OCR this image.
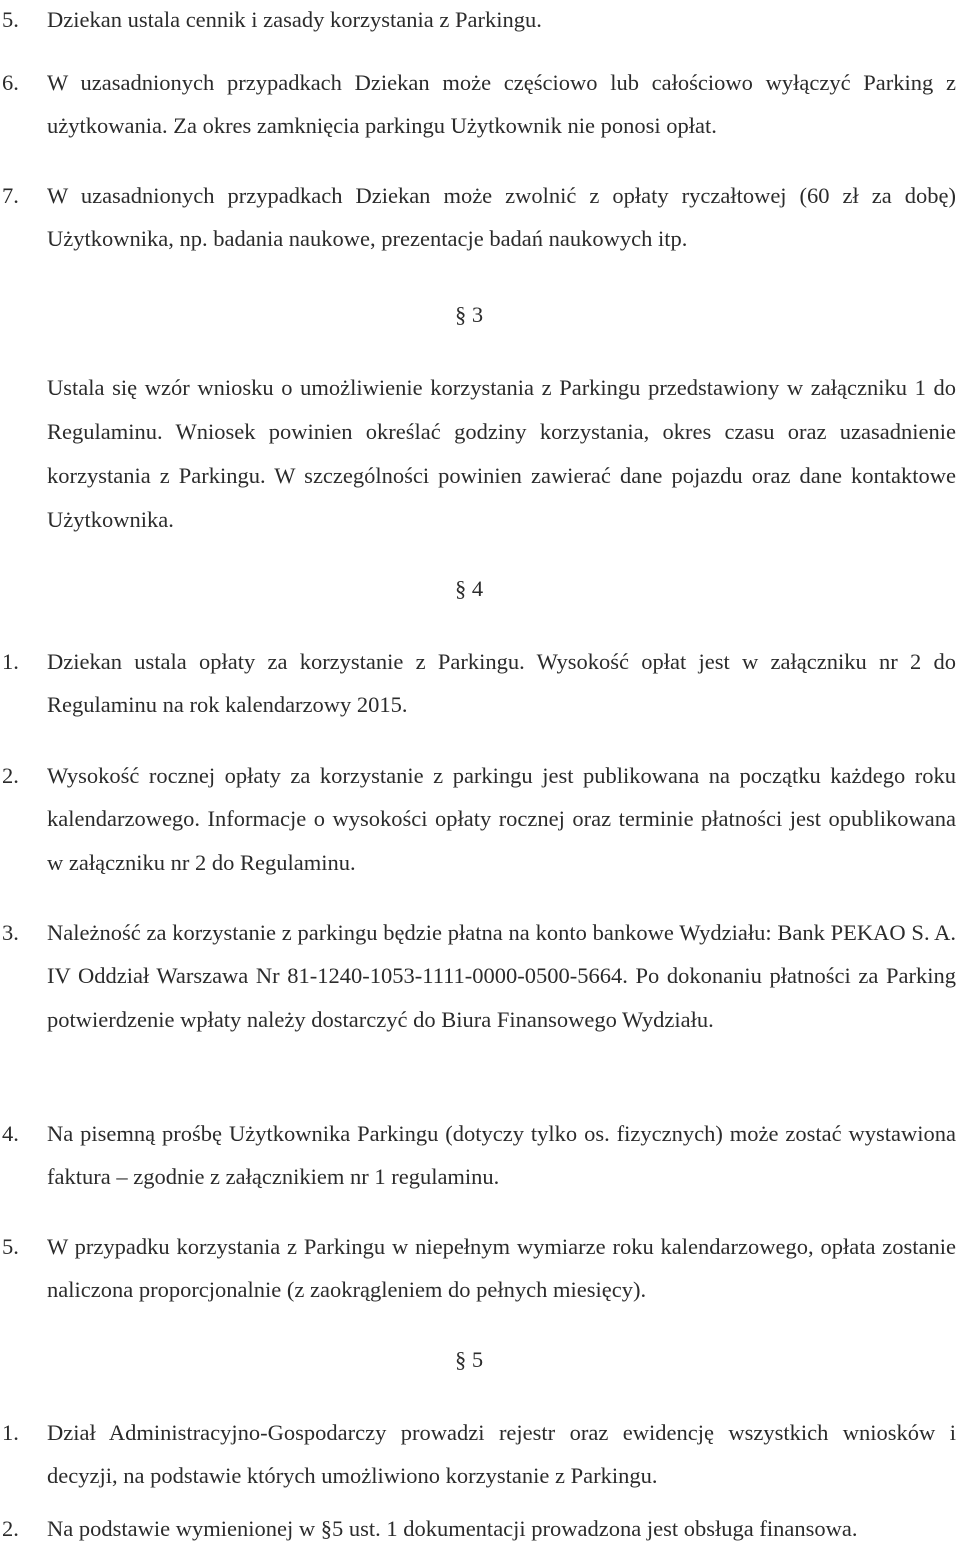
5.	Dziekan ustala cennik i zasady korzystania z Parkingu.
6.	W uzasadnionych przypadkach Dziekan może częściowo lub całościowo wyłączyć Parking z użytkowania. Za okres zamknięcia parkingu Użytkownik nie ponosi opłat.
7.	W uzasadnionych przypadkach Dziekan może zwolnić z opłaty ryczałtowej (60 zł za dobę) Użytkownika, np. badania naukowe, prezentacje badań naukowych itp.
§ 3
Ustala się wzór wniosku o umożliwienie korzystania z Parkingu przedstawiony w załączniku 1 do Regulaminu. Wniosek powinien określać godziny korzystania, okres czasu oraz uzasadnienie korzystania z Parkingu. W szczególności powinien zawierać dane pojazdu oraz dane kontaktowe Użytkownika.
§ 4
1.	Dziekan ustala opłaty za korzystanie z Parkingu. Wysokość opłat jest w załączniku nr 2 do Regulaminu na rok kalendarzowy 2015.
2.	Wysokość rocznej opłaty za korzystanie z parkingu jest publikowana na początku każdego roku kalendarzowego. Informacje o wysokości opłaty rocznej oraz terminie płatności jest opublikowana w załączniku nr 2 do Regulaminu.
3.	Należność za korzystanie z parkingu będzie płatna na konto bankowe Wydziału: Bank PEKAO S. A. IV Oddział Warszawa Nr 81-1240-1053-1111-0000-0500-5664. Po dokonaniu płatności za Parking potwierdzenie wpłaty należy dostarczyć do Biura Finansowego Wydziału.
4.	Na pisemną prośbę Użytkownika Parkingu (dotyczy tylko os. fizycznych) może zostać wystawiona faktura – zgodnie z załącznikiem nr 1 regulaminu.
5.	W przypadku korzystania z Parkingu w niepełnym wymiarze roku kalendarzowego, opłata zostanie naliczona proporcjonalnie (z zaokrągleniem do pełnych miesięcy).
§ 5
1.	Dział Administracyjno-Gospodarczy prowadzi rejestr oraz ewidencję wszystkich wniosków i decyzji, na podstawie których umożliwiono korzystanie z Parkingu.
2.	Na podstawie wymienionej w §5 ust. 1 dokumentacji prowadzona jest obsługa finansowa.
